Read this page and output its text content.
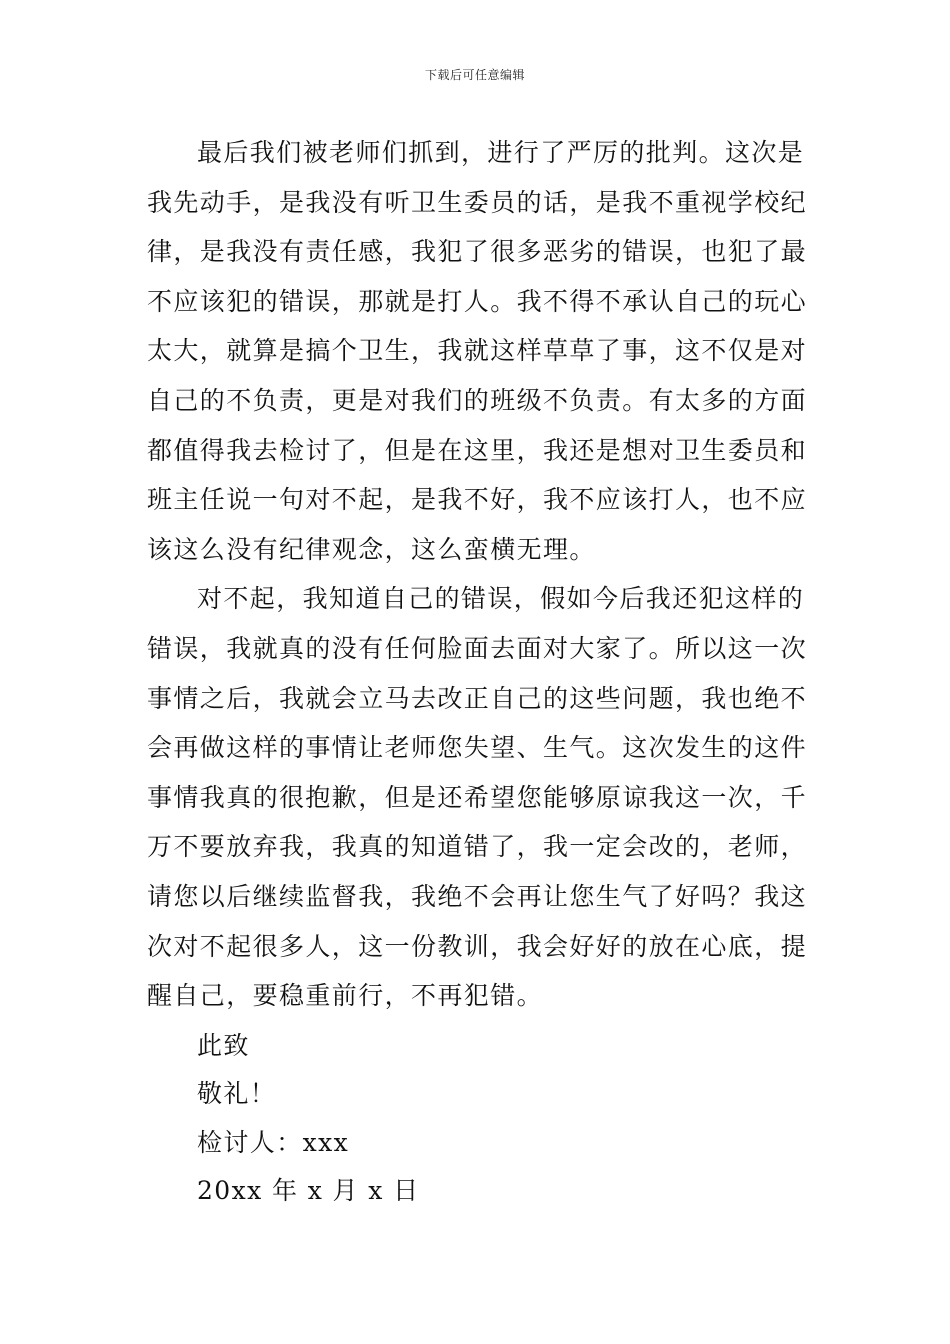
下载后可任意编辑
最后我们被老师们抓到，进行了严厉的批判。这次是
我先动手，是我没有听卫生委员的话，是我不重视学校纪
律，是我没有责任感，我犯了很多恶劣的错误，也犯了最
不应该犯的错误，那就是打人。我不得不承认自己的玩心
太大，就算是搞个卫生，我就这样草草了事，这不仅是对
自己的不负责，更是对我们的班级不负责。有太多的方面
都值得我去检讨了，但是在这里，我还是想对卫生委员和
班主任说一句对不起，是我不好，我不应该打人，也不应
该这么没有纪律观念，这么蛮横无理。
对不起，我知道自己的错误，假如今后我还犯这样的
错误，我就真的没有任何脸面去面对大家了。所以这一次
事情之后，我就会立马去改正自己的这些问题，我也绝不
会再做这样的事情让老师您失望、生气。这次发生的这件
事情我真的很抱歉，但是还希望您能够原谅我这一次，千
万不要放弃我，我真的知道错了，我一定会改的，老师，
请您以后继续监督我，我绝不会再让您生气了好吗？我这
次对不起很多人，这一份教训，我会好好的放在心底，提
醒自己，要稳重前行，不再犯错。
此致
敬礼！
检讨人：xxx
20xx 年 x 月 x 日
